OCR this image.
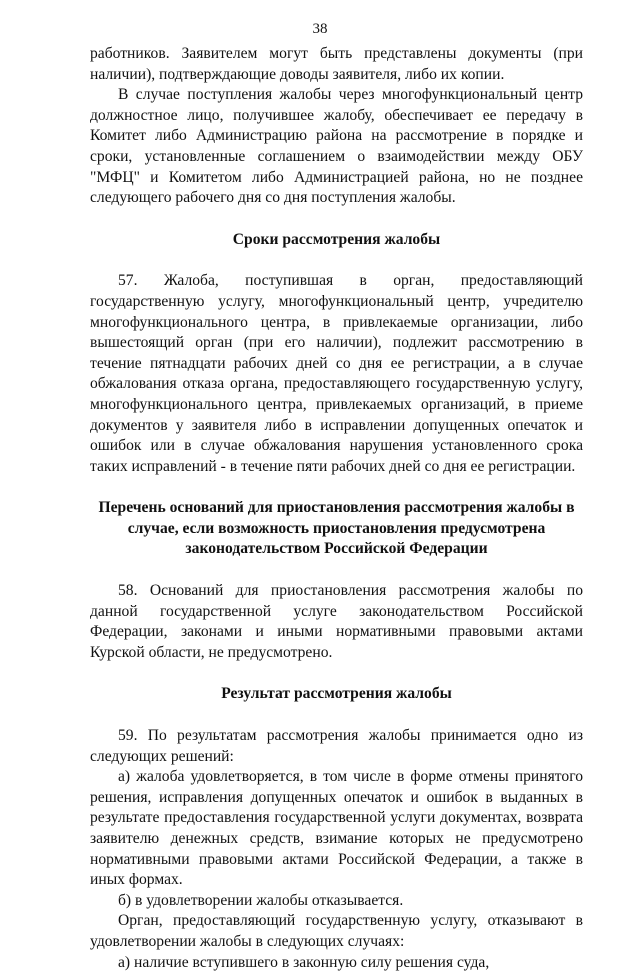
38

работников. Заявителем могут быть представлены документы (при наличии), подтверждающие доводы заявителя, либо их копии.

В случае поступления жалобы через многофункциональный центр должностное лицо, получившее жалобу, обеспечивает ее передачу в Комитет либо Администрацию района на рассмотрение в порядке и сроки, установленные соглашением о взаимодействии между ОБУ "МФЦ" и Комитетом либо Администрацией района, но не позднее следующего рабочего дня со дня поступления жалобы.

Сроки рассмотрения жалобы

57. Жалоба, поступившая в орган, предоставляющий государственную услугу, многофункциональный центр, учредителю многофункционального центра, в привлекаемые организации, либо вышестоящий орган (при его наличии), подлежит рассмотрению в течение пятнадцати рабочих дней со дня ее регистрации, а в случае обжалования отказа органа, предоставляющего государственную услугу, многофункционального центра, привлекаемых организаций, в приеме документов у заявителя либо в исправлении допущенных опечаток и ошибок или в случае обжалования нарушения установленного срока таких исправлений - в течение пяти рабочих дней со дня ее регистрации.

Перечень оснований для приостановления рассмотрения жалобы в случае, если возможность приостановления предусмотрена законодательством Российской Федерации

58. Оснований для приостановления рассмотрения жалобы по данной государственной услуге законодательством Российской Федерации, законами и иными нормативными правовыми актами Курской области, не предусмотрено.

Результат рассмотрения жалобы

59. По результатам рассмотрения жалобы принимается одно из следующих решений:

а) жалоба удовлетворяется, в том числе в форме отмены принятого решения, исправления допущенных опечаток и ошибок в выданных в результате предоставления государственной услуги документах, возврата заявителю денежных средств, взимание которых не предусмотрено нормативными правовыми актами Российской Федерации, а также в иных формах.

б) в удовлетворении жалобы отказывается.

Орган, предоставляющий государственную услугу, отказывают в удовлетворении жалобы в следующих случаях:

а) наличие вступившего в законную силу решения суда,
